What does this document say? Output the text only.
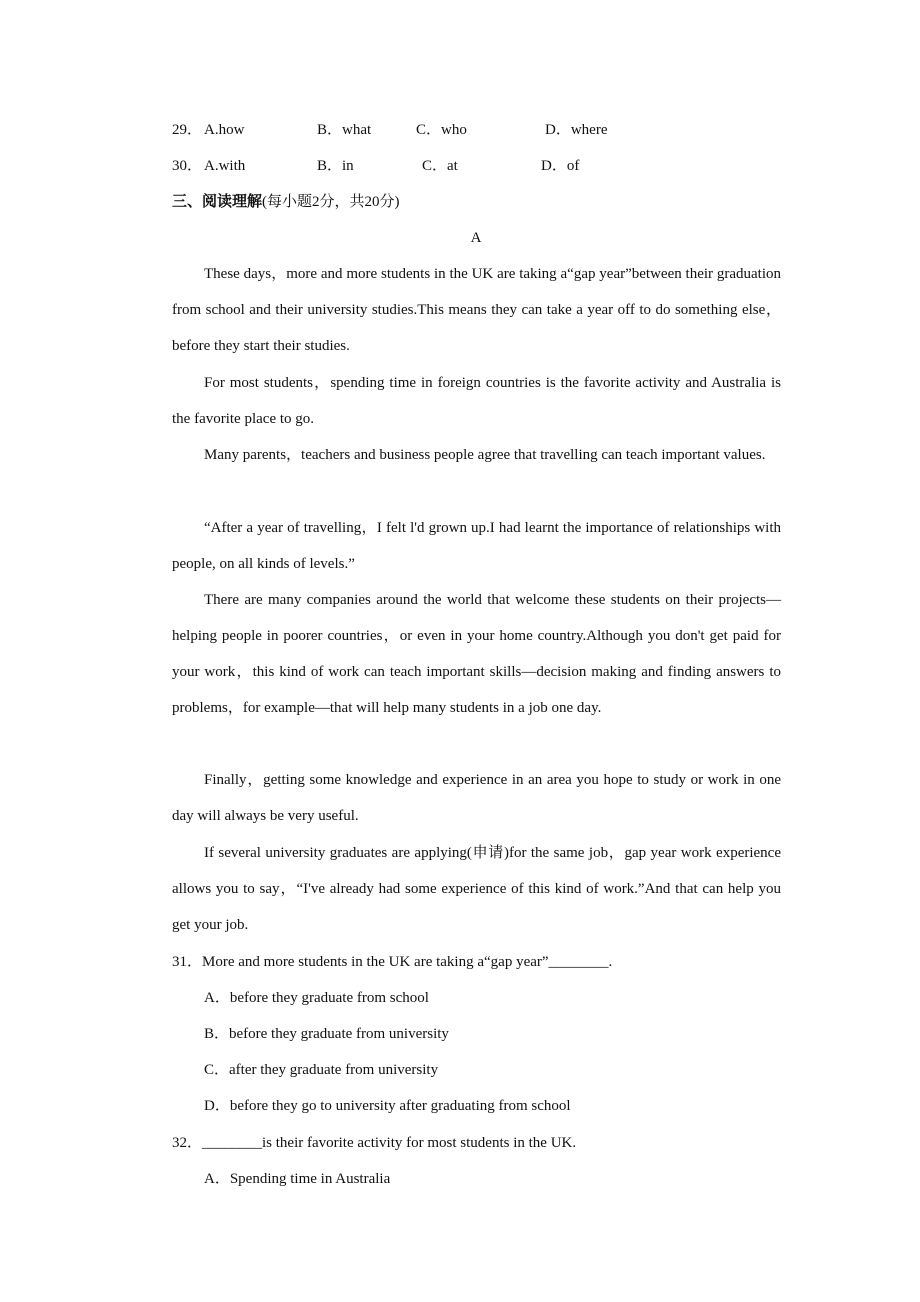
29． A.how	B．what	C．who	D．where
30． A.with	B．in	C．at	D．of
三、阅读理解(每小题2分，共20分)
A

These days，more and more students in the UK are taking a“gap year”between their graduation from school and their university studies.This means they can take a year off to do something else，before they start their studies.

For most students，spending time in foreign countries is the favorite activity and Australia is the favorite place to go.

Many parents，teachers and business people agree that travelling can teach important values.

“After a year of travelling，I felt l'd grown up.I had learnt the importance of relationships with people, on all kinds of levels.”

There are many companies around the world that welcome these students on their projects—helping people in poorer countries，or even in your home country.Although you don't get paid for your work，this kind of work can teach important skills—decision making and finding answers to problems，for example—that will help many students in a job one day.

Finally，getting some knowledge and experience in an area you hope to study or work in one day will always be very useful.

If several university graduates are applying(申请)for the same job，gap year work experience allows you to say，“I've already had some experience of this kind of work.”And that can help you get your job.

31．More and more students in the UK are taking a“gap year”________.
A．before they graduate from school
B．before they graduate from university
C．after they graduate from university
D．before they go to university after graduating from school
32．________is their favorite activity for most students in the UK.
A．Spending time in Australia
